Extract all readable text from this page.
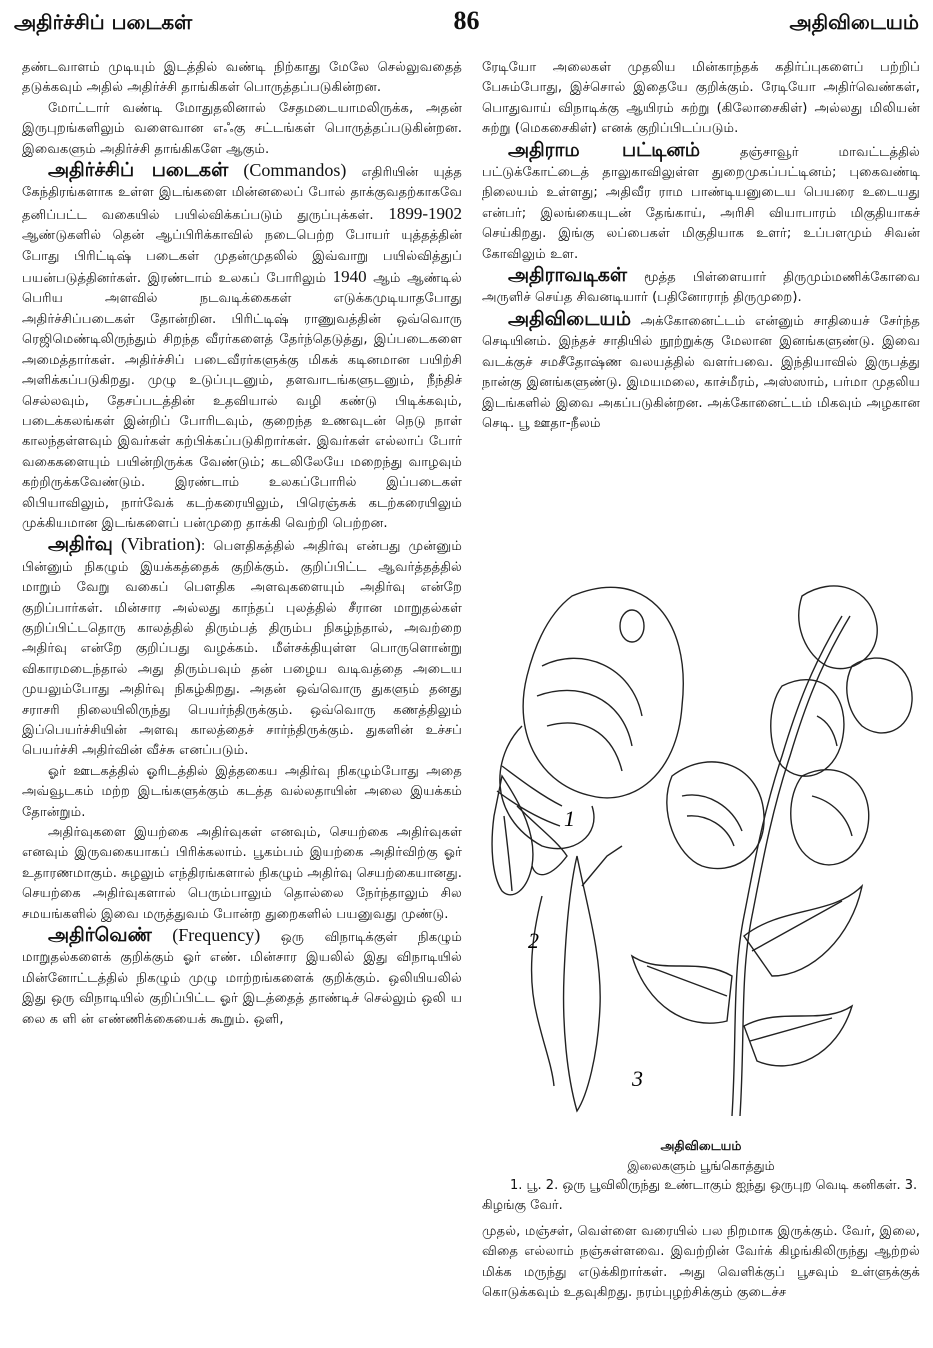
அதிர்ச்சிப் படைகள்	86	அதிவிடையம்

தண்டவாளம் முடியும் இடத்தில் வண்டி நிற்காது மேலே செல்லுவதைத் தடுக்கவும் அதில் அதிர்ச்சி தாங்கிகள் பொருத்தப்படுகின்றன.

மோட்டார் வண்டி மோதுதலினால் சேதமடையாமலிருக்க, அதன் இருபுறங்களிலும் வளைவான எஃகு சட்டங்கள் பொருத்தப்படுகின்றன. இவைகளும் அதிர்ச்சி தாங்கிகளே ஆகும்.

அதிர்ச்சிப் படைகள் (Commandos) எதிரியின் யுத்த கேந்திரங்களாக உள்ள இடங்களை மின்னலைப் போல் தாக்குவதற்காகவே தனிப்பட்ட வகையில் பயில்விக்கப்படும் துருப்புக்கள். 1899-1902 ஆண்டுகளில் தென் ஆப்பிரிக்காவில் நடைபெற்ற போயர் யுத்தத்தின் போது பிரிட்டிஷ் படைகள் முதன்முதலில் இவ்வாறு பயில்வித்துப் பயன்படுத்தினர்கள். இரண்டாம் உலகப் போரிலும் 1940 ஆம் ஆண்டில் பெரிய அளவில் நடவடிக்கைகள் எடுக்கமுடியாதபோது அதிர்ச்சிப்படைகள் தோன்றின. பிரிட்டிஷ் ராணுவத்தின் ஒவ்வொரு ரெஜிமெண்டிலிருந்தும் சிறந்த வீரர்களைத் தேர்ந்தெடுத்து, இப்படைகளை அமைத்தார்கள். அதிர்ச்சிப் படைவீரர்களுக்கு மிகக் கடினமான பயிற்சி அளிக்கப்படுகிறது. முழு உடுப்புடனும், தளவாடங்களுடனும், நீந்திச் செல்லவும், தேசப்படத்தின் உதவியால் வழி கண்டு பிடிக்கவும், படைக்கலங்கள் இன்றிப் போரிடவும், குறைந்த உணவுடன் நெடு நாள் காலந்தள்ளவும் இவர்கள் கற்பிக்கப்படுகிறார்கள். இவர்கள் எல்லாப் போர் வகைகளையும் பயின்றிருக்க வேண்டும்; கடலிலேயே மறைந்து வாழவும் கற்றிருக்கவேண்டும். இரண்டாம் உலகப்போரில் இப்படைகள் லிபியாவிலும், நார்வேக் கடற்கரையிலும், பிரெஞ்சுக் கடற்கரையிலும் முக்கியமான இடங்களைப் பன்முறை தாக்கி வெற்றி பெற்றன.

அதிர்வு (Vibration): பௌதிகத்தில் அதிர்வு என்பது முன்னும் பின்னும் நிகழும் இயக்கத்தைக் குறிக்கும். குறிப்பிட்ட ஆவர்த்தத்தில் மாறும் வேறு வகைப் பௌதிக அளவுகளையும் அதிர்வு என்றே குறிப்பார்கள். மின்சார அல்லது காந்தப் புலத்தில் சீரான மாறுதல்கள் குறிப்பிட்டதொரு காலத்தில் திரும்பத் திரும்ப நிகழ்ந்தால், அவற்றை அதிர்வு என்றே குறிப்பது வழக்கம். மீள்சக்தியுள்ள பொருளொன்று விகாரமடைந்தால் அது திரும்பவும் தன் பழைய வடிவத்தை அடைய முயலும்போது அதிர்வு நிகழ்கிறது. அதன் ஒவ்வொரு துகளும் தனது சராசரி நிலையிலிருந்து பெயர்ந்திருக்கும். ஒவ்வொரு கணத்திலும் இப்பெயர்ச்சியின் அளவு காலத்தைச் சார்ந்திருக்கும். துகளின் உச்சப் பெயர்ச்சி அதிர்வின் வீச்சு எனப்படும்.

ஓர் ஊடகத்தில் ஓரிடத்தில் இத்தகைய அதிர்வு நிகழும்போது அதை அவ்வூடகம் மற்ற இடங்களுக்கும் கடத்த வல்லதாயின் அலை இயக்கம் தோன்றும்.

அதிர்வுகளை இயற்கை அதிர்வுகள் எனவும், செயற்கை அதிர்வுகள் எனவும் இருவகையாகப் பிரிக்கலாம். பூகம்பம் இயற்கை அதிர்விற்கு ஓர் உதாரணமாகும். சுழலும் எந்திரங்களால் நிகழும் அதிர்வு செயற்கையானது. செயற்கை அதிர்வுகளால் பெரும்பாலும் தொல்லை நேர்ந்தாலும் சில சமயங்களில் இவை மருத்துவம் போன்ற துறைகளில் பயனுவது முண்டு.

அதிர்வெண் (Frequency) ஒரு விநாடிக்குள் நிகழும் மாறுதல்களைக் குறிக்கும் ஓர் எண். மின்சார இயலில் இது விநாடியில் மின்னோட்டத்தில் நிகழும் முழு மாற்றங்களைக் குறிக்கும். ஒலியியலில் இது ஒரு விநாடியில் குறிப்பிட்ட ஓர் இடத்தைத் தாண்டிச் செல்லும் ஒலி ய லை க ளி ன் எண்ணிக்கையைக் கூறும். ஒளி,

ரேடியோ அலைகள் முதலிய மின்காந்தக் கதிர்ப்புகளைப் பற்றிப் பேசும்போது, இச்சொல் இதையே குறிக்கும். ரேடியோ அதிர்வெண்கள், பொதுவாய் விநாடிக்கு ஆயிரம் சுற்று (கிலோசைகிள்) அல்லது மிலியன் சுற்று (மெகசைகிள்) எனக் குறிப்பிடப்படும்.

அதிராம பட்டினம் தஞ்சாவூர் மாவட்டத்தில் பட்டுக்கோட்டைத் தாலுகாவிலுள்ள துறைமுகப்பட்டினம்; புகைவண்டி நிலையம் உள்ளது; அதிவீர ராம பாண்டியனுடைய பெயரை உடையது என்பர்; இலங்கையுடன் தேங்காய், அரிசி வியாபாரம் மிகுதியாகச் செய்கிறது. இங்கு லப்பைகள் மிகுதியாக உளர்; உப்பளமும் சிவன் கோவிலும் உள.

அதிராவடிகள் மூத்த பிள்ளையார் திருமும்மணிக்கோவை அருளிச் செய்த சிவனடியார் (பதினோராந் திருமுறை).

அதிவிடையம் அக்கோனைட்டம் என்னும் சாதியைச் சேர்ந்த செடியினம். இந்தச் சாதியில் நூற்றுக்கு மேலான இனங்களுண்டு. இவை வடக்குச் சமசீதோஷ்ண வலயத்தில் வளர்பவை. இந்தியாவில் இருபத்து நான்கு இனங்களுண்டு. இமயமலை, காச்மீரம், அஸ்ஸாம், பர்மா முதலிய இடங்களில் இவை அகப்படுகின்றன. அக்கோனைட்டம் மிகவும் அழகான செடி. பூ ஊதா-நீலம்

1
2
3
அதிவிடையம்
இலைகளும் பூங்கொத்தும்
1. பூ. 2. ஒரு பூவிலிருந்து உண்டாகும் ஐந்து ஒருபுற வெடி கனிகள். 3. கிழங்கு வேர்.

முதல், மஞ்சள், வெள்ளை வரையில் பல நிறமாக இருக்கும். வேர், இலை, விதை எல்லாம் நஞ்சுள்ளவை. இவற்றின் வேர்க் கிழங்கிலிருந்து ஆற்றல் மிக்க மருந்து எடுக்கிறார்கள். அது வெளிக்குப் பூசவும் உள்ளுக்குக் கொடுக்கவும் உதவுகிறது. நரம்புழற்சிக்கும் குடைச்ச
